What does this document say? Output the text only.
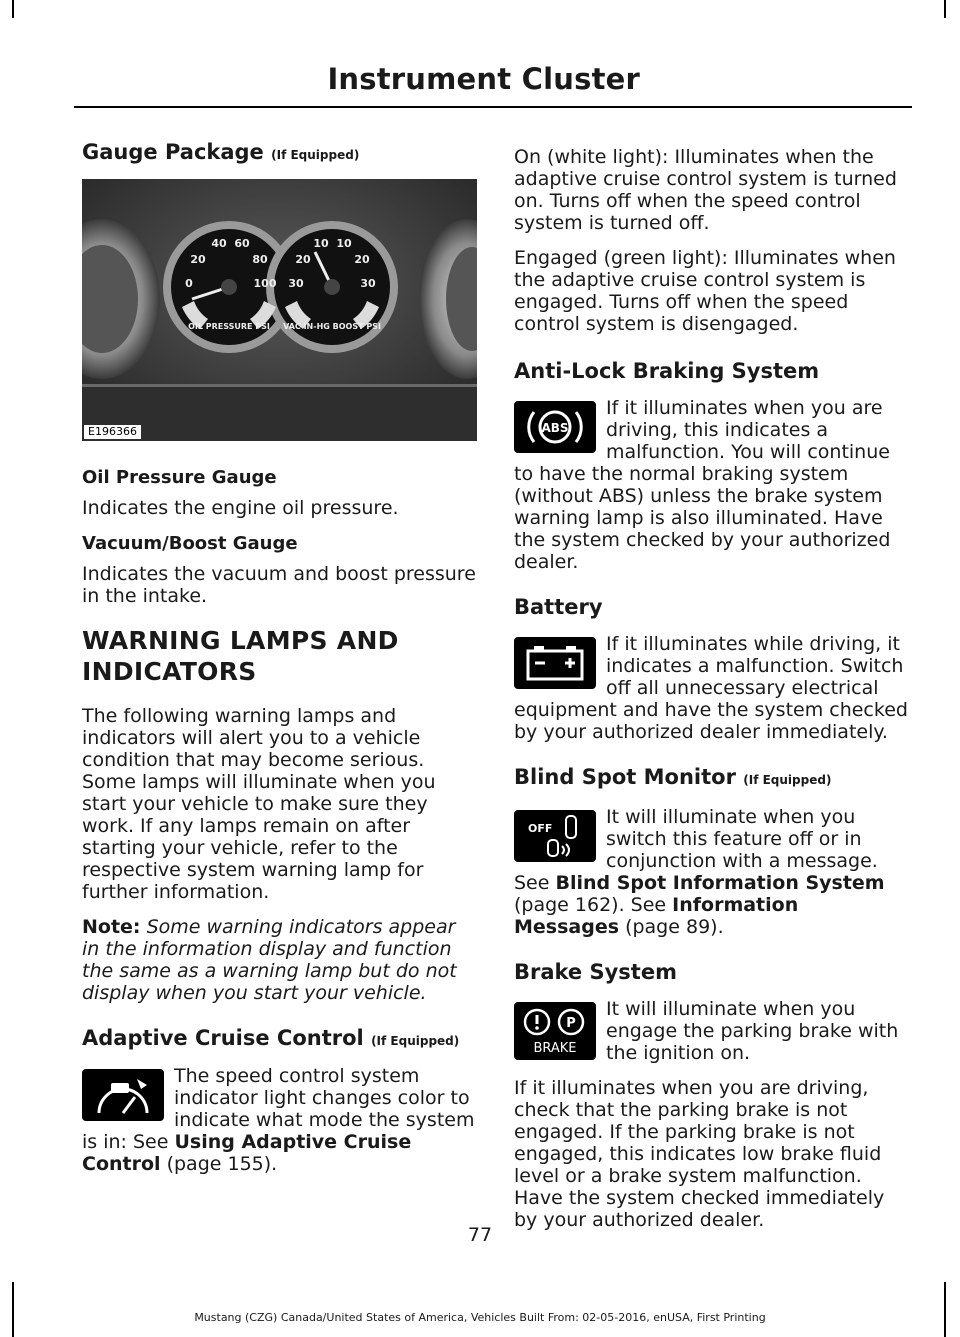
Instrument Cluster
Gauge Package (If Equipped)
0
20
40 60
80
100 30
20
10 10
20
30
OIL PRESSURE PSI VAC IN-HG BOOST PSI
E196366
Oil Pressure Gauge

Indicates the engine oil pressure.

Vacuum/Boost Gauge

Indicates the vacuum and boost pressure in the intake.

WARNING LAMPS AND INDICATORS

The following warning lamps and indicators will alert you to a vehicle condition that may become serious. Some lamps will illuminate when you start your vehicle to make sure they work. If any lamps remain on after starting your vehicle, refer to the respective system warning lamp for further information.

Note: Some warning indicators appear in the information display and function the same as a warning lamp but do not display when you start your vehicle.

Adaptive Cruise Control (If Equipped)

The speed control system indicator light changes color to indicate what mode the system is in: See Using Adaptive Cruise Control (page 155).

On (white light): Illuminates when the adaptive cruise control system is turned on. Turns off when the speed control system is turned off.

Engaged (green light): Illuminates when the adaptive cruise control system is engaged. Turns off when the speed control system is disengaged.

Anti-Lock Braking System
ABS

If it illuminates when you are driving, this indicates a malfunction. You will continue to have the normal braking system (without ABS) unless the brake system warning lamp is also illuminated. Have the system checked by your authorized dealer.

Battery

If it illuminates while driving, it indicates a malfunction. Switch off all unnecessary electrical equipment and have the system checked by your authorized dealer immediately.

Blind Spot Monitor (If Equipped)
OFF

It will illuminate when you switch this feature off or in conjunction with a message. See Blind Spot Information System (page 162). See Information Messages (page 89).

Brake System
P
BRAKE

It will illuminate when you engage the parking brake with the ignition on.

If it illuminates when you are driving, check that the parking brake is not engaged. If the parking brake is not engaged, this indicates low brake fluid level or a brake system malfunction. Have the system checked immediately by your authorized dealer.

77
Mustang (CZG) Canada/United States of America, Vehicles Built From: 02-05-2016, enUSA, First Printing
